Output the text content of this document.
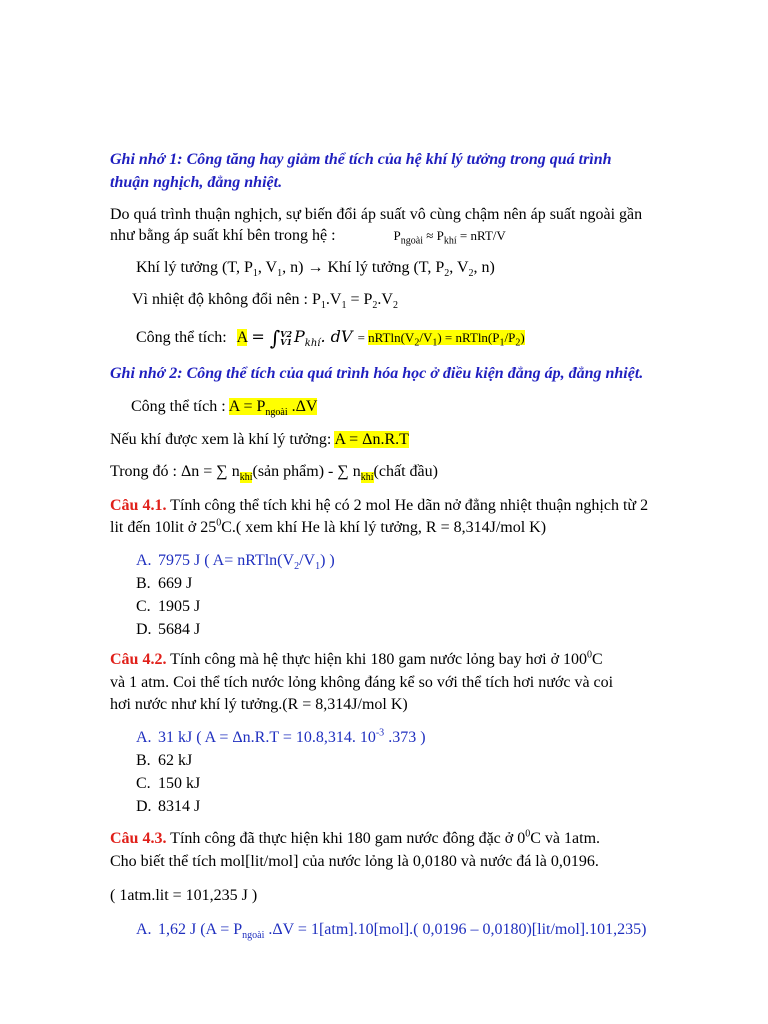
Ghi nhớ 1: Công tăng hay giảm thể tích của hệ khí lý tưởng trong quá trình
thuận nghịch, đẳng nhiệt.
Do quá trình thuận nghịch, sự biến đổi áp suất vô cùng chậm nên áp suất ngoài gần
như bằng áp suất khí bên trong hệ :	$P_{ngoài} \approx P_{khí} = nRT/V$
Khí lý tưởng (T, $P_1$, $V_1$, n) → Khí lý tưởng (T, $P_2$, $V_2$, n)
Vì nhiệt độ không đổi nên : $P_1.V_1 = P_2.V_2$
Công thể tích: A = ∫ V2
V1 $P_{khí}$. dV = $nRTln(V_2/V_1) = nRTln(P_1/P_2)$
Ghi nhớ 2: Công thể tích của quá trình hóa học ở điều kiện đẳng áp, đẳng nhiệt.
Công thể tích : $A = P_{ngoài}$ .ΔV
Nếu khí được xem là khí lý tưởng: A = Δn.R.T
Trong đó : Δn = ∑ $n_{khí}(sản$ phẩm) - ∑ $n_{khí}(chất$ đầu)
Câu 4.1. Tính công thể tích khi hệ có 2 mol He dãn nở đẳng nhiệt thuận nghịch từ 2
lit đến 10lit ở $25^0C$.( xem khí He là khí lý tưởng, R = 8,314J/mol K)
A. 7975 J ( $A= nRTln(V_2/V_1)$ )
B. 669 J
C. 1905 J
D. 5684 J
Câu 4.2. Tính công mà hệ thực hiện khi 180 gam nước lỏng bay hơi ở $100^0C$
và 1 atm. Coi thể tích nước lỏng không đáng kể so với thể tích hơi nước và coi
hơi nước như khí lý tưởng.(R = 8,314J/mol K)
A. 31 kJ ( A = Δn.R.T = 10.8,314. $10^{-3}$ .373 )
B. 62 kJ
C. 150 kJ
D. 8314 J
Câu 4.3. Tính công đã thực hiện khi 180 gam nước đông đặc ở $0^0C$ và 1atm.
Cho biết thể tích mol[lit/mol] của nước lỏng là 0,0180 và nước đá là 0,0196.
( 1atm.lit = 101,235 J )
A. 1,62 J ($A = P_{ngoài}$ .ΔV = 1[atm].10[mol].( 0,0196 – 0,0180)[lit/mol].101,235)
